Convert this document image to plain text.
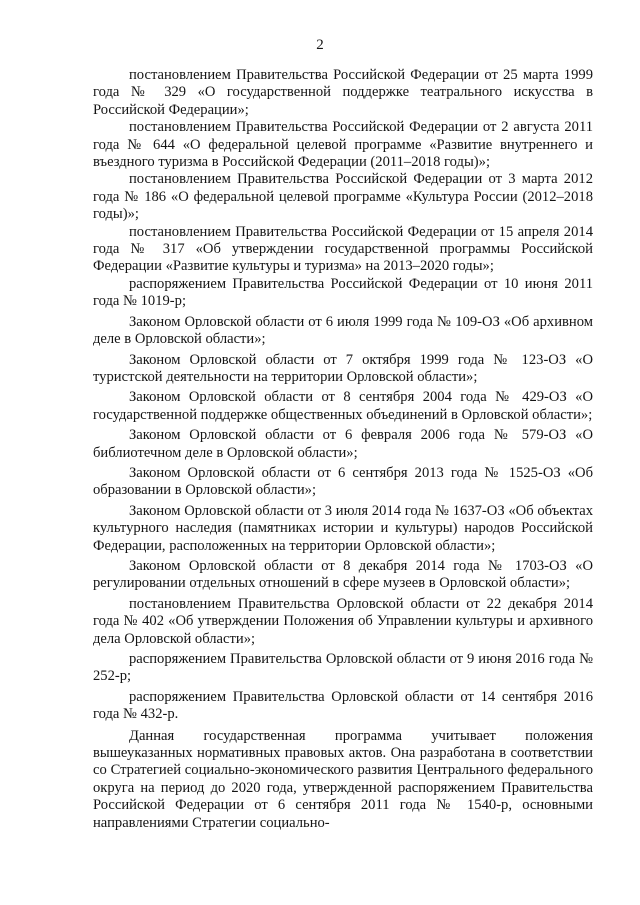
2

постановлением Правительства Российской Федерации от 25 марта 1999 года № 329 «О государственной поддержке театрального искусства в Российской Федерации»;

постановлением Правительства Российской Федерации от 2 августа 2011 года № 644 «О федеральной целевой программе «Развитие внутреннего и въездного туризма в Российской Федерации (2011–2018 годы)»;

постановлением Правительства Российской Федерации от 3 марта 2012 года № 186 «О федеральной целевой программе «Культура России (2012–2018 годы)»;

постановлением Правительства Российской Федерации от 15 апреля 2014 года № 317 «Об утверждении государственной программы Российской Федерации «Развитие культуры и туризма» на 2013–2020 годы»;

распоряжением Правительства Российской Федерации от 10 июня 2011 года № 1019-р;

Законом Орловской области от 6 июля 1999 года № 109-ОЗ «Об архивном деле в Орловской области»;

Законом Орловской области от 7 октября 1999 года № 123-ОЗ «О туристской деятельности на территории Орловской области»;

Законом Орловской области от 8 сентября 2004 года № 429-ОЗ «О государственной поддержке общественных объединений в Орловской области»;

Законом Орловской области от 6 февраля 2006 года № 579-ОЗ «О библиотечном деле в Орловской области»;

Законом Орловской области от 6 сентября 2013 года № 1525-ОЗ «Об образовании в Орловской области»;

Законом Орловской области от 3 июля 2014 года № 1637-ОЗ «Об объектах культурного наследия (памятниках истории и культуры) народов Российской Федерации, расположенных на территории Орловской области»;

Законом Орловской области от 8 декабря 2014 года № 1703-ОЗ «О регулировании отдельных отношений в сфере музеев в Орловской области»;

постановлением Правительства Орловской области от 22 декабря 2014 года № 402 «Об утверждении Положения об Управлении культуры и архивного дела Орловской области»;

распоряжением Правительства Орловской области от 9 июня 2016 года № 252-р;

распоряжением Правительства Орловской области от 14 сентября 2016 года № 432-р.

Данная государственная программа учитывает положения вышеуказанных нормативных правовых актов. Она разработана в соответствии со Стратегией социально-экономического развития Центрального федерального округа на период до 2020 года, утвержденной распоряжением Правительства Российской Федерации от 6 сентября 2011 года № 1540-р, основными направлениями Стратегии социально-
